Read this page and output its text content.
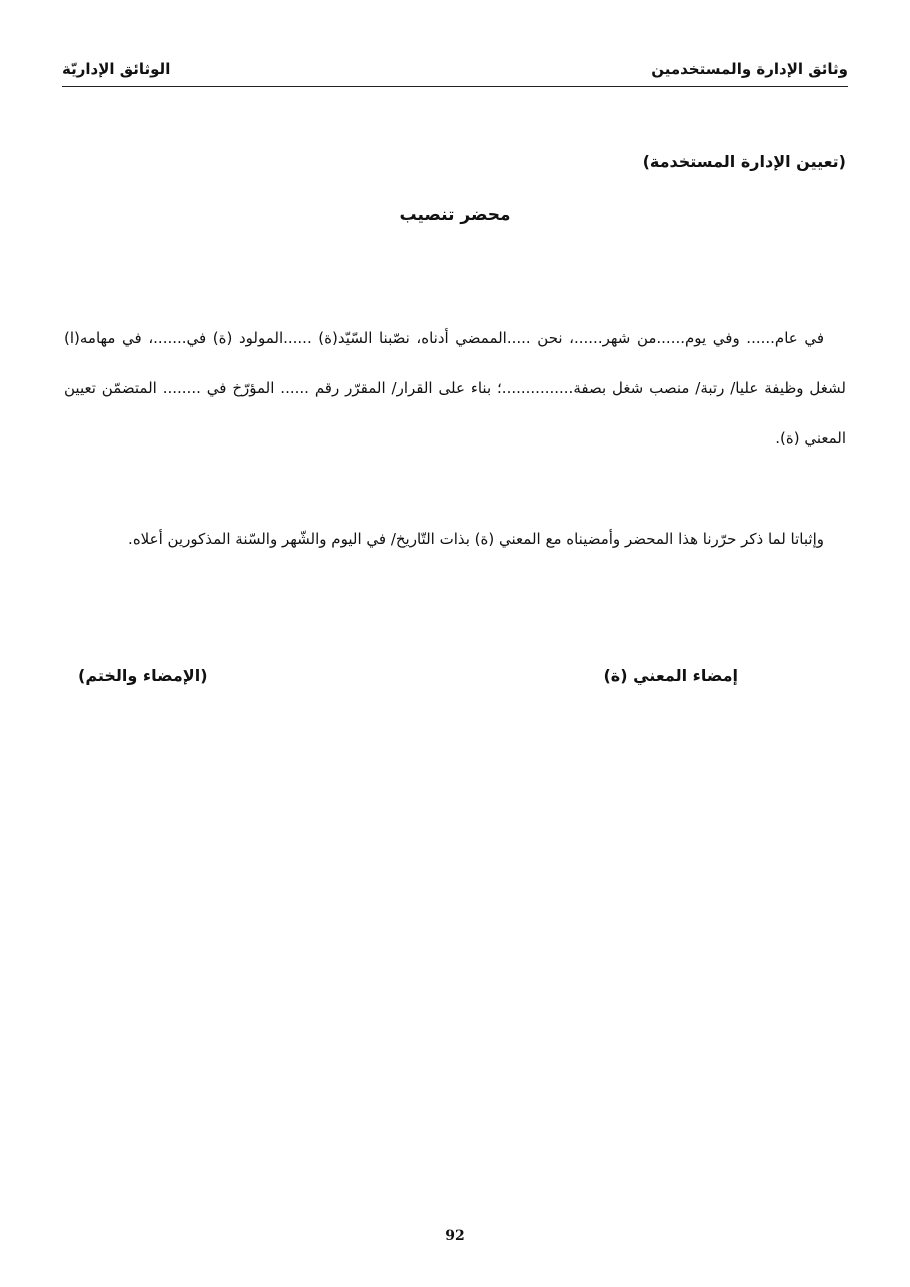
وثائق الإدارة والمستخدمين
الوثائق الإداريّة
(تعيين الإدارة المستخدمة)
محضر تنصيب

في عام...... وفي يوم......من شهر......، نحن .....الممضي أدناه، نصّبنا السّيّد(ة) ......المولود (ة) في.......، في مهامه(ا) لشغل وظيفة عليا/ رتبة/ منصب شغل بصفة...............؛ بناء على القرار/ المقرّر رقم ...... المؤرّخ في ........ المتضمّن تعيين المعني (ة).

وإثباتا لما ذكر حرّرنا هذا المحضر وأمضيناه مع المعني (ة) بذات التّاريخ/ في اليوم والشّهر والسّنة المذكورين أعلاه.

إمضاء المعني (ة)
(الإمضاء والختم)
92
